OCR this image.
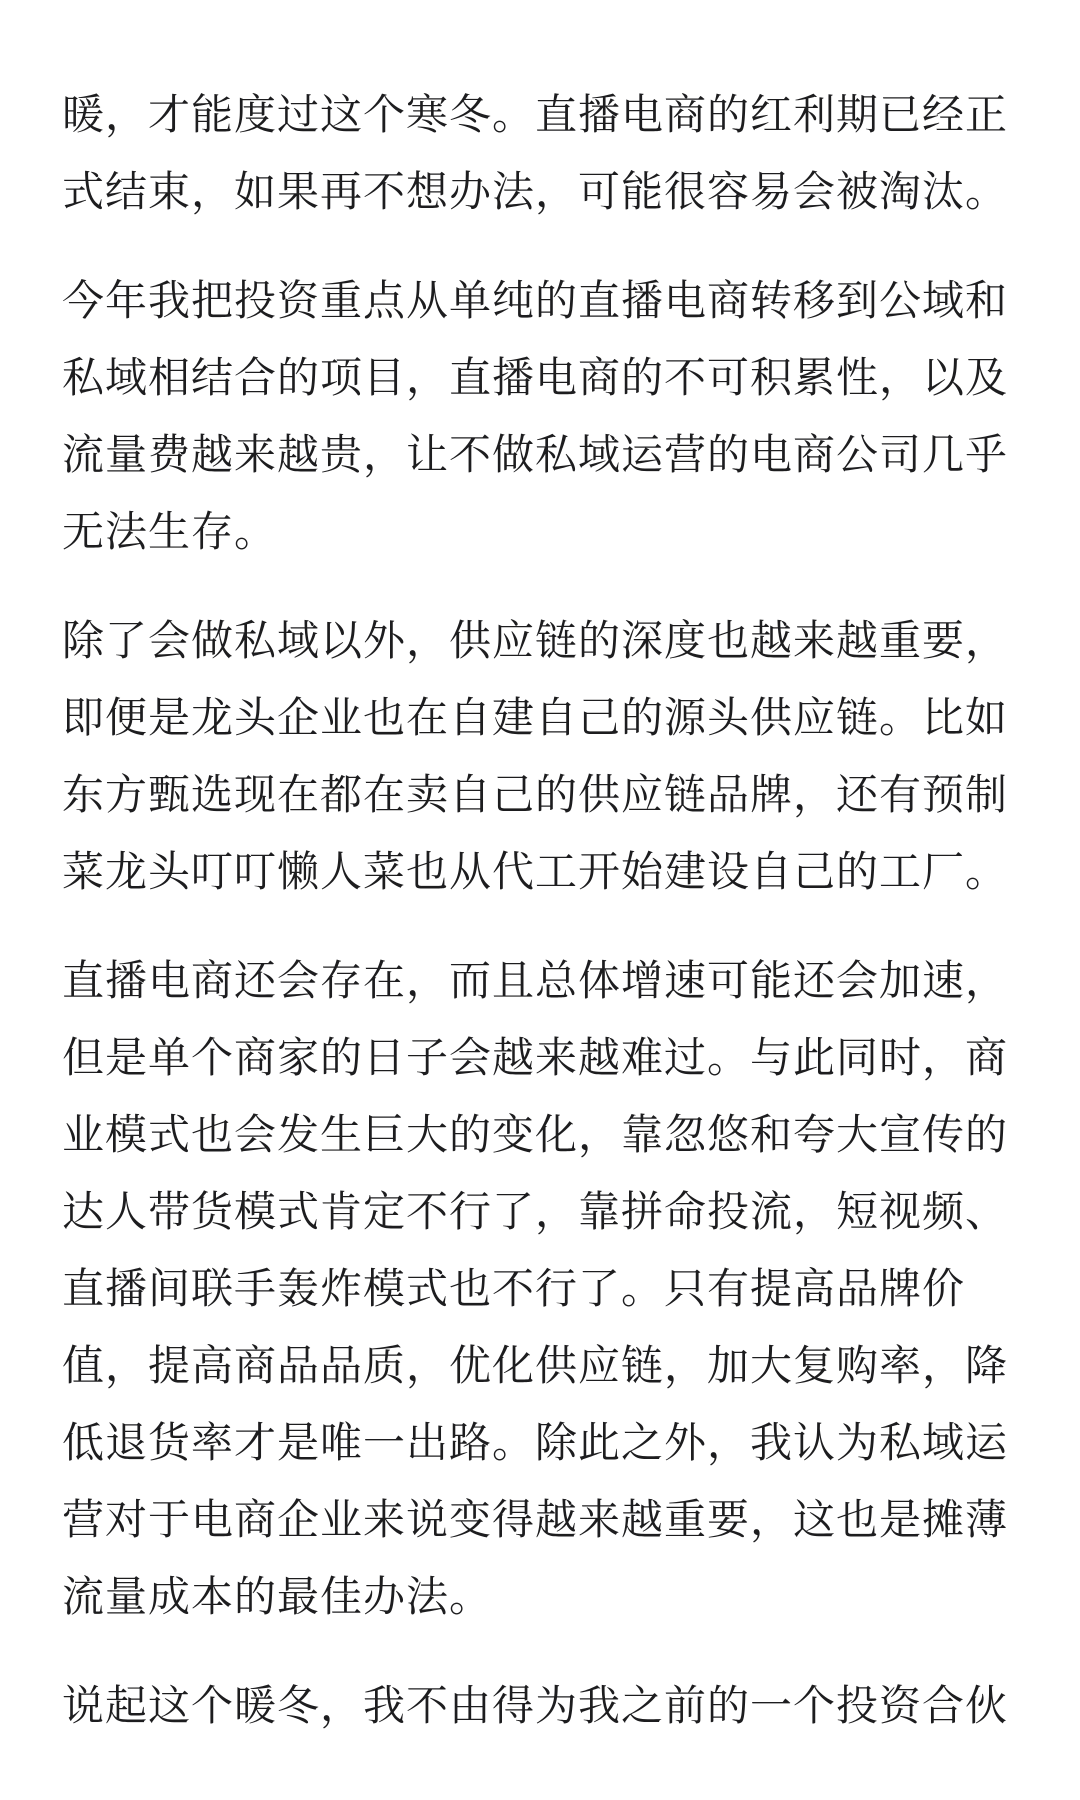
暖，才能度过这个寒冬。直播电商的红利期已经正
式结束，如果再不想办法，可能很容易会被淘汰。
今年我把投资重点从单纯的直播电商转移到公域和
私域相结合的项目，直播电商的不可积累性，以及
流量费越来越贵，让不做私域运营的电商公司几乎
无法生存。
除了会做私域以外，供应链的深度也越来越重要，
即便是龙头企业也在自建自己的源头供应链。比如
东方甄选现在都在卖自己的供应链品牌，还有预制
菜龙头叮叮懒人菜也从代工开始建设自己的工厂。
直播电商还会存在，而且总体增速可能还会加速，
但是单个商家的日子会越来越难过。与此同时，商
业模式也会发生巨大的变化，靠忽悠和夸大宣传的
达人带货模式肯定不行了，靠拼命投流，短视频、
直播间联手轰炸模式也不行了。只有提高品牌价
值，提高商品品质，优化供应链，加大复购率，降
低退货率才是唯一出路。除此之外，我认为私域运
营对于电商企业来说变得越来越重要，这也是摊薄
流量成本的最佳办法。
说起这个暖冬，我不由得为我之前的一个投资合伙
